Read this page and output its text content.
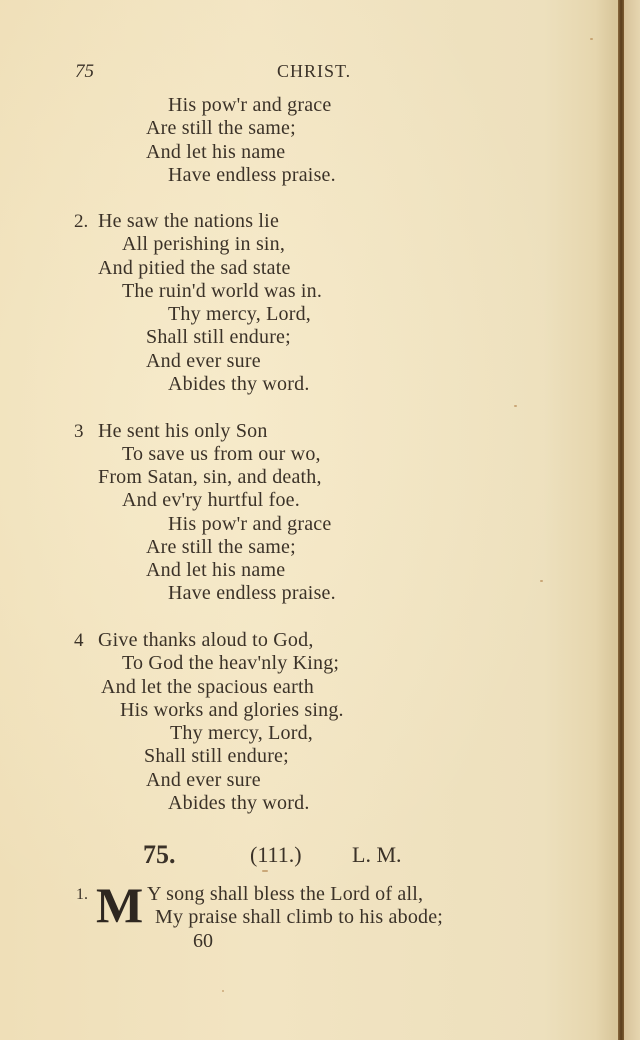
75	CHRIST.
His pow'r and grace
Are still the same;
And let his name
Have endless praise.
2. He saw the nations lie
All perishing in sin,
And pitied the sad state
The ruin'd world was in.
Thy mercy, Lord,
Shall still endure;
And ever sure
Abides thy word.
3 He sent his only Son
To save us from our wo,
From Satan, sin, and death,
And ev'ry hurtful foe.
His pow'r and grace
Are still the same;
And let his name
Have endless praise.
4 Give thanks aloud to God,
To God the heav'nly King;
And let the spacious earth
His works and glories sing.
Thy mercy, Lord,
Shall still endure;
And ever sure
Abides thy word.
75.	(111.) L. M.
1. M Y song shall bless the Lord of all,
My praise shall climb to his abode;
60
